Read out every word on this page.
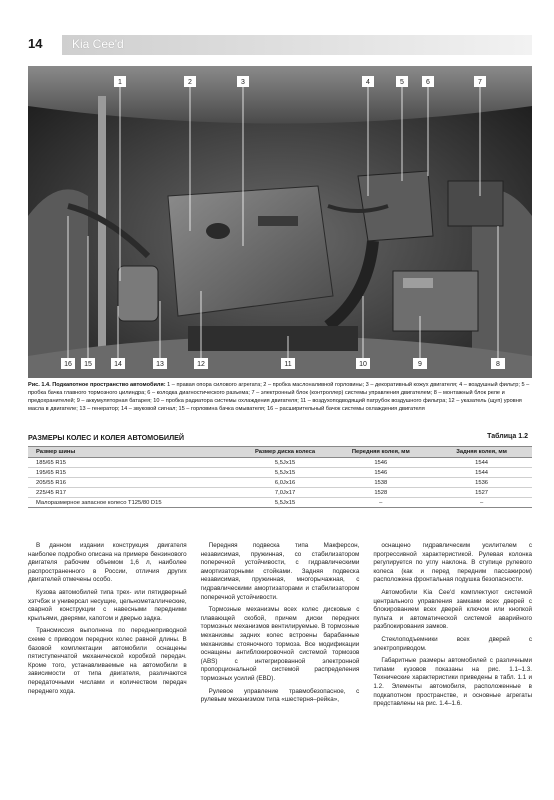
14 Kia Cee'd
1	2	3	4	5	6	7
16 15	14	13	12	11	10	9	8
Рис. 1.4. Подкапотное пространство автомобиля: 1 – правая опора силового агрегата; 2 – пробка маслоналивной горловины; 3 – декоративный кожух двигателя; 4 – воздушный фильтр; 5 – пробка бачка главного тормозного цилиндра; 6 – колодка диагностического разъема; 7 – электронный блок (контроллер) системы управления двигателем; 8 – монтажный блок реле и предохранителей; 9 – аккумуляторная батарея; 10 – пробка радиатора системы охлаждения двигателя; 11 – воздухоподводящий патрубок воздушного фильтра; 12 – указатель (щуп) уровня масла в двигателе; 13 – генератор; 14 – звуковой сигнал; 15 – горловина бачка омывателя; 16 – расширительный бачок системы охлаждения двигателя
РАЗМЕРЫ КОЛЕС И КОЛЕЯ АВТОМОБИЛЕЙ	Таблица 1.2
Размер шины	Размер диска колеса	Передняя колея, мм	Задняя колея, мм
185/65 R15	5,5Jx15	1546	1544
195/65 R15	5,5Jx15	1546	1544
205/55 R16	6,0Jx16	1538	1536
225/45 R17	7,0Jx17	1528	1527
Малоразмерное запасное колесо T125/80 D15	5,5Jx15	–	–

В данном издании конструкция двигателя наиболее подробно описана на примере бензинового двигателя рабочим объемом 1,6 л, наиболее распространенного в России, отличия других двигателей отмечены особо.

Кузова автомобилей типа трех- или пятидверный хэтчбэк и универсал несущие, цельнометаллические, сварной конструкции с навесными передними крыльями, дверями, капотом и дверью задка.

Трансмиссия выполнена по переднеприводной схеме с приводом передних колес равной длины. В базовой комплектации автомобили оснащены пятиступенчатой механической коробкой передач. Кроме того, устанавливаемые на автомобили в зависимости от типа двигателя, различаются передаточными числами и количеством передач переднего хода.

Передняя подвеска типа Макферсон, независимая, пружинная, со стабилизатором поперечной устойчивости, с гидравлическими амортизаторными стойками. Задняя подвеска независимая, пружинная, многорычажная, с гидравлическими амортизаторами и стабилизатором поперечной устойчивости.

Тормозные механизмы всех колес дисковые с плавающей скобой, причем диски передних тормозных механизмов вентилируемые. В тормозные механизмы задних колес встроены барабанные механизмы стояночного тормоза. Все модификации оснащены антиблокировочной системой тормозов (ABS) с интегрированной электронной пропорциональной системой распределения тормозных усилий (EBD).

Рулевое управление травмобезопасное, с рулевым механизмом типа «шестерня–рейка»,

оснащено гидравлическим усилителем с прогрессивной характеристикой. Рулевая колонка регулируется по углу наклона. В ступице рулевого колеса (как и перед передним пассажиром) расположена фронтальная подушка безопасности.

Автомобили Kia Cee'd комплектуют системой центрального управления замками всех дверей с блокированием всех дверей ключом или кнопкой пульта и автоматической системой аварийного разблокирования замков.

Стеклоподъемники всех дверей с электроприводом.

Габаритные размеры автомобилей с различными типами кузовов показаны на рис. 1.1–1.3. Технические характеристики приведены в табл. 1.1 и 1.2. Элементы автомобиля, расположенные в подкапотном пространстве, и основные агрегаты представлены на рис. 1.4–1.6.
